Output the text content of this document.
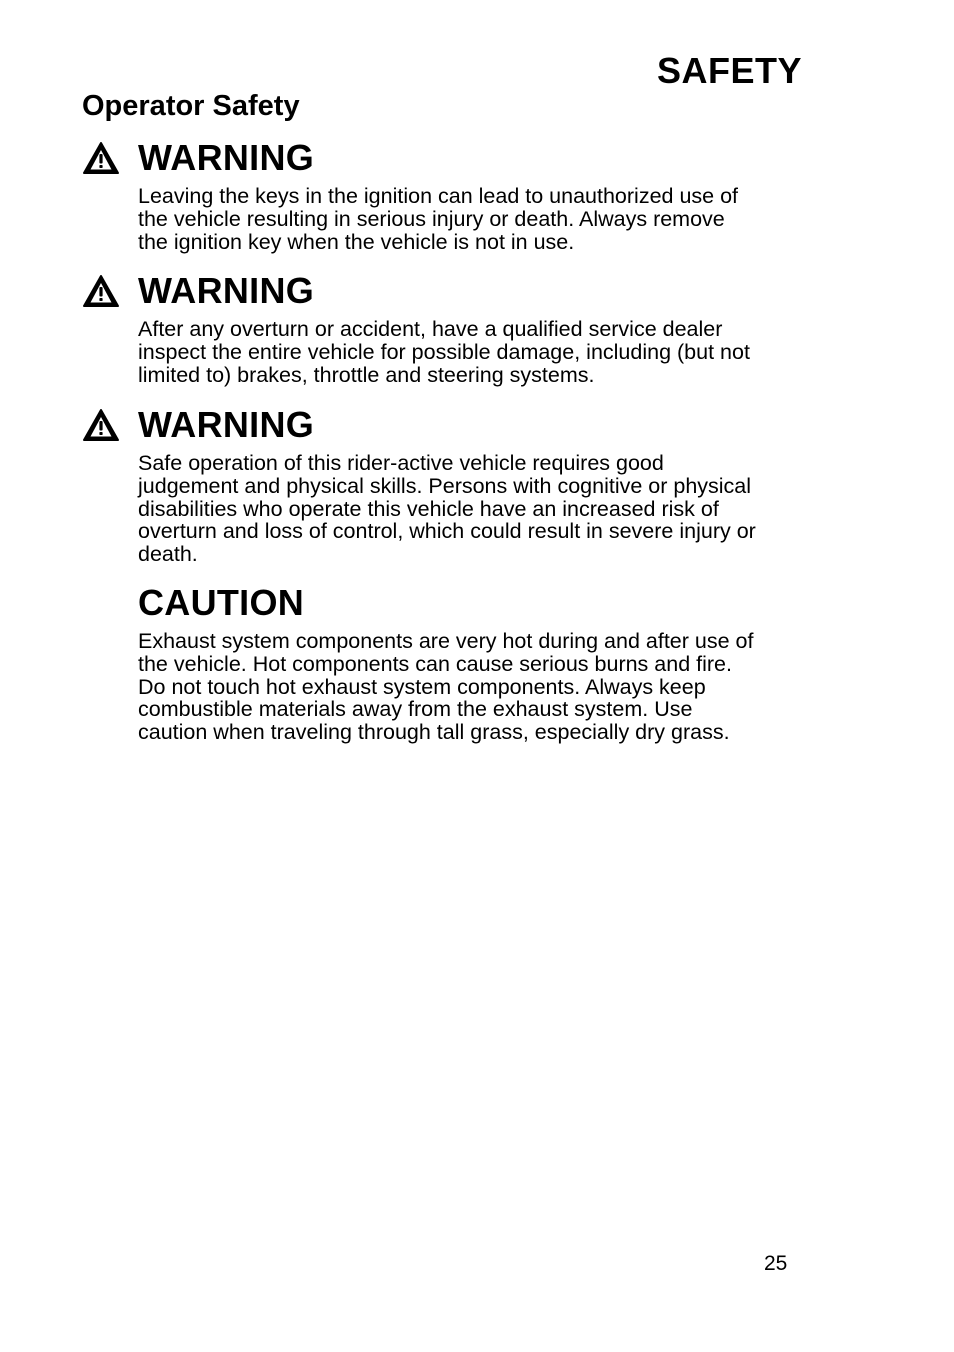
SAFETY
Operator Safety
WARNING
Leaving the keys in the ignition can lead to unauthorized use of
the vehicle resulting in serious injury or death. Always remove
the ignition key when the vehicle is not in use.
WARNING
After any overturn or accident, have a qualified service dealer
inspect the entire vehicle for possible damage, including (but not
limited to) brakes, throttle and steering systems.
WARNING
Safe operation of this rider-active vehicle requires good
judgement and physical skills. Persons with cognitive or physical
disabilities who operate this vehicle have an increased risk of
overturn and loss of control, which could result in severe injury or
death.
CAUTION
Exhaust system components are very hot during and after use of
the vehicle. Hot components can cause serious burns and fire.
Do not touch hot exhaust system components. Always keep
combustible materials away from the exhaust system. Use
caution when traveling through tall grass, especially dry grass.
25
